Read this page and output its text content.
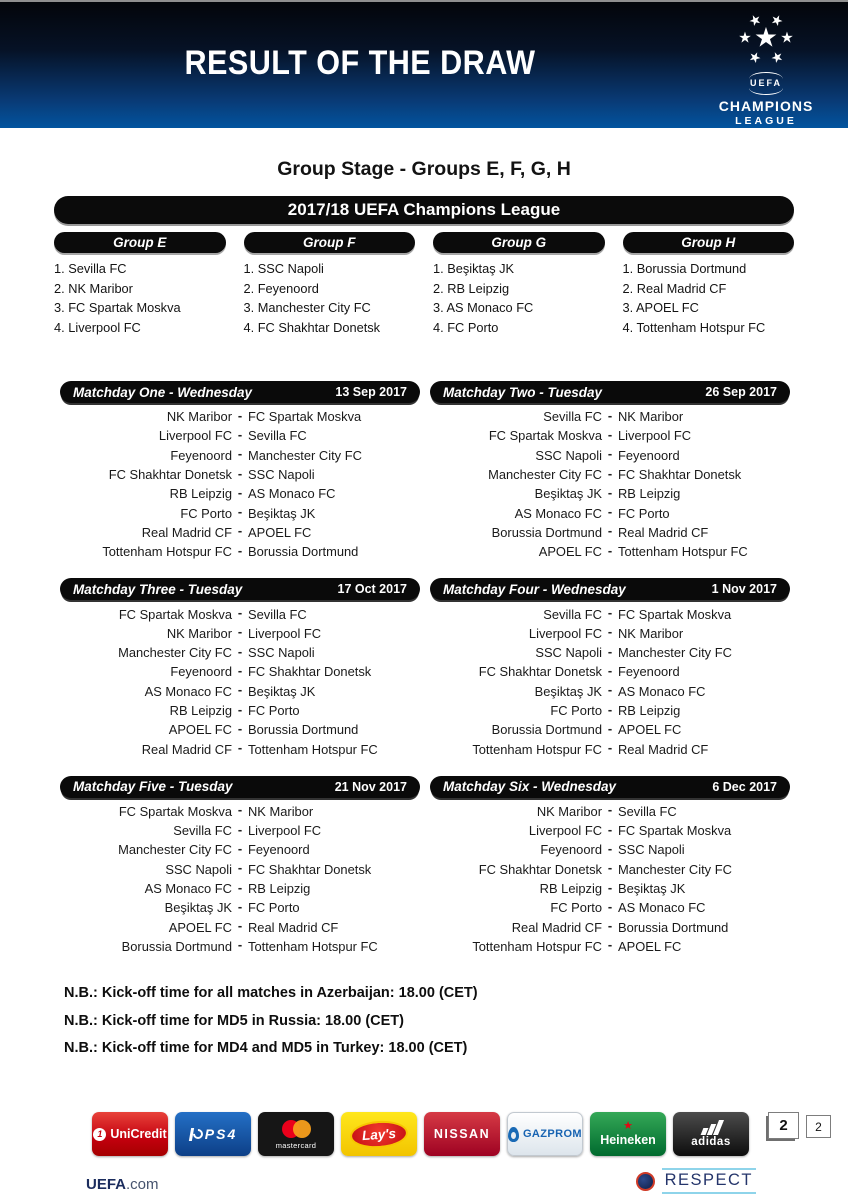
RESULT OF THE DRAW
★ ★
★
★
★
★ ★
UEFA
CHAMPIONS
LEAGUE
Group Stage - Groups E, F, G, H
2017/18 UEFA Champions League
Group E
1. Sevilla FC
2. NK Maribor
3. FC Spartak Moskva
4. Liverpool FC
Group F
1. SSC Napoli
2. Feyenoord
3. Manchester City FC
4. FC Shakhtar Donetsk
Group G
1. Beşiktaş JK
2. RB Leipzig
3. AS Monaco FC
4. FC Porto
Group H
1. Borussia Dortmund
2. Real Madrid CF
3. APOEL FC
4. Tottenham Hotspur FC
Matchday One - Wednesday	13 Sep 2017
NK Maribor - FC Spartak Moskva
Liverpool FC - Sevilla FC
Feyenoord - Manchester City FC
FC Shakhtar Donetsk - SSC Napoli
RB Leipzig - AS Monaco FC
FC Porto - Beşiktaş JK
Real Madrid CF - APOEL FC
Tottenham Hotspur FC - Borussia Dortmund
Matchday Two - Tuesday	26 Sep 2017
Sevilla FC - NK Maribor
FC Spartak Moskva - Liverpool FC
SSC Napoli - Feyenoord
Manchester City FC - FC Shakhtar Donetsk
Beşiktaş JK - RB Leipzig
AS Monaco FC - FC Porto
Borussia Dortmund - Real Madrid CF
APOEL FC - Tottenham Hotspur FC
Matchday Three - Tuesday	17 Oct 2017
FC Spartak Moskva - Sevilla FC
NK Maribor - Liverpool FC
Manchester City FC - SSC Napoli
Feyenoord - FC Shakhtar Donetsk
AS Monaco FC - Beşiktaş JK
RB Leipzig - FC Porto
APOEL FC - Borussia Dortmund
Real Madrid CF - Tottenham Hotspur FC
Matchday Four - Wednesday	1 Nov 2017
Sevilla FC - FC Spartak Moskva
Liverpool FC - NK Maribor
SSC Napoli - Manchester City FC
FC Shakhtar Donetsk - Feyenoord
Beşiktaş JK - AS Monaco FC
FC Porto - RB Leipzig
Borussia Dortmund - APOEL FC
Tottenham Hotspur FC - Real Madrid CF
Matchday Five - Tuesday	21 Nov 2017
FC Spartak Moskva - NK Maribor
Sevilla FC - Liverpool FC
Manchester City FC - Feyenoord
SSC Napoli - FC Shakhtar Donetsk
AS Monaco FC - RB Leipzig
Beşiktaş JK - FC Porto
APOEL FC - Real Madrid CF
Borussia Dortmund - Tottenham Hotspur FC
Matchday Six - Wednesday	6 Dec 2017
NK Maribor - Sevilla FC
Liverpool FC - FC Spartak Moskva
Feyenoord - SSC Napoli
FC Shakhtar Donetsk - Manchester City FC
RB Leipzig - Beşiktaş JK
FC Porto - AS Monaco FC
Real Madrid CF - Borussia Dortmund
Tottenham Hotspur FC - APOEL FC
N.B.: Kick-off time for all matches in Azerbaijan: 18.00 (CET)
N.B.: Kick-off time for MD5 in Russia: 18.00 (CET)
N.B.: Kick-off time for MD4 and MD5 in Turkey: 18.00 (CET)
1 UniCredit	PS4
mastercard
Lay's	NISSAN	GAZPROM
★
Heineken	adidas
2	2
UEFA.com	RESPECT
